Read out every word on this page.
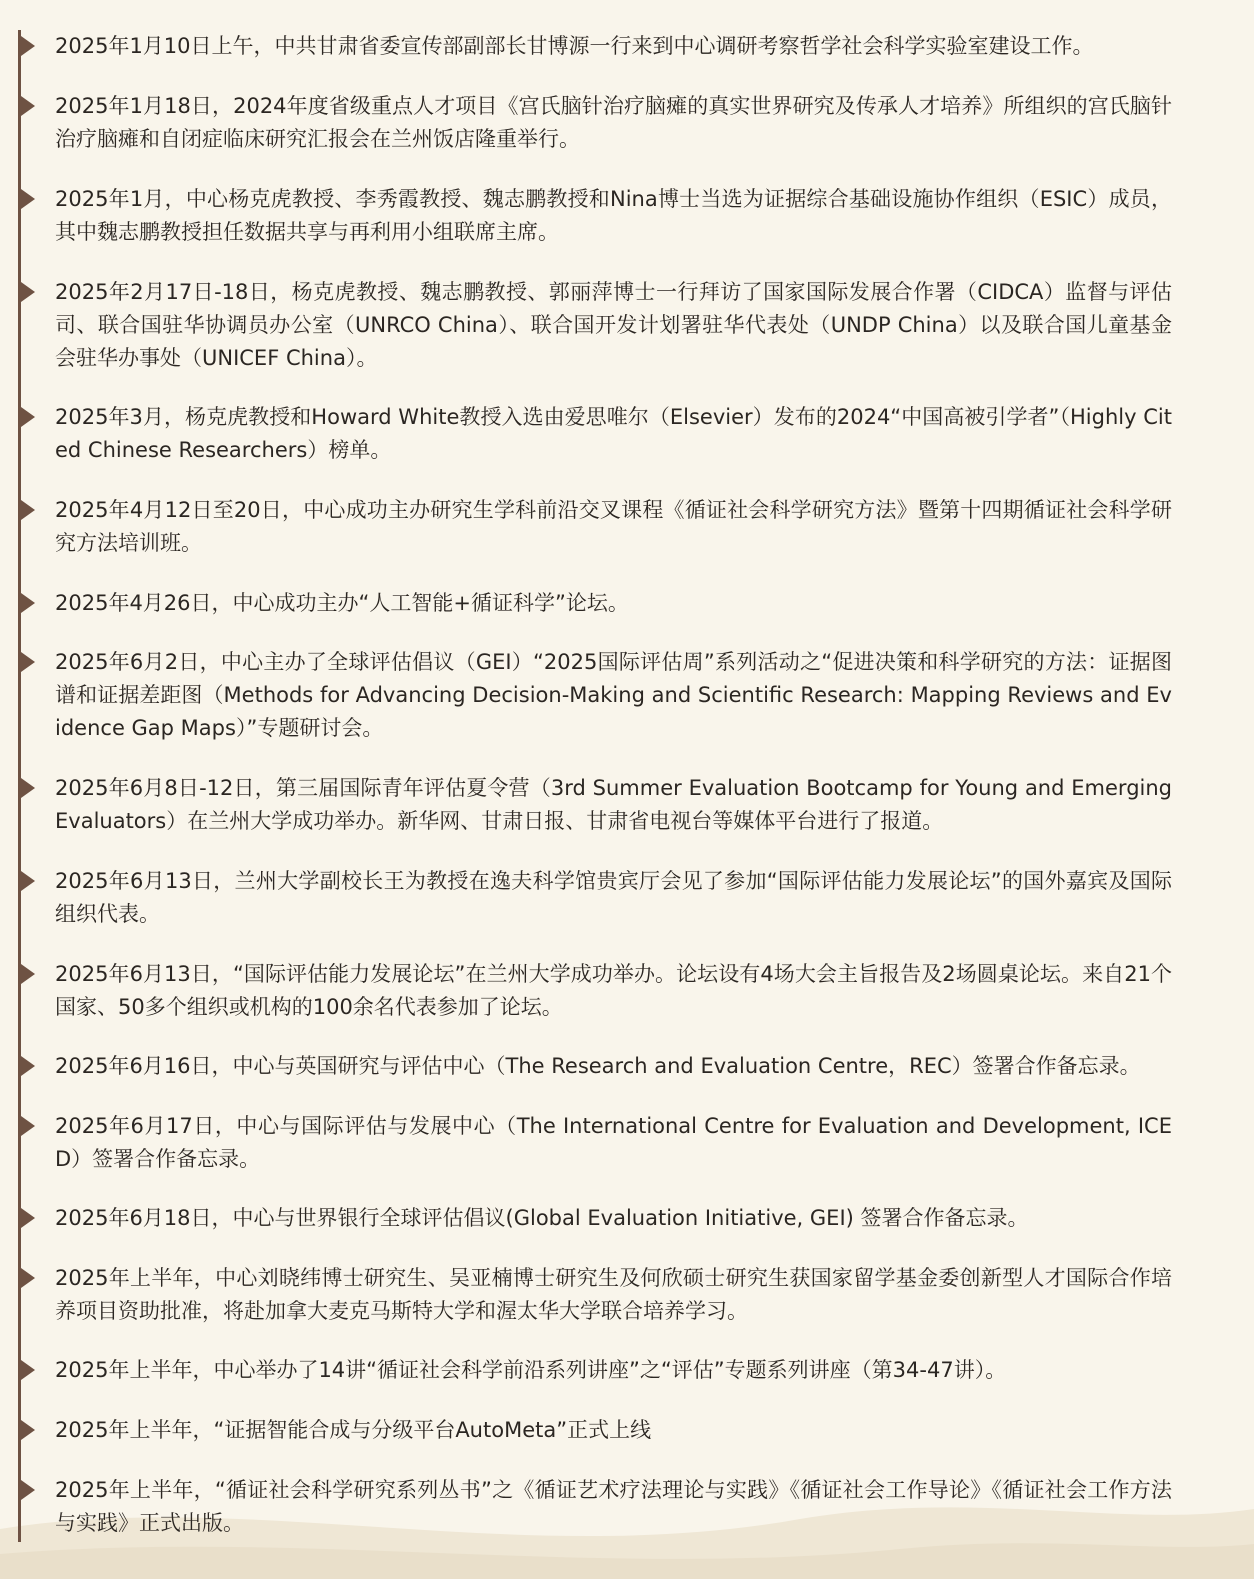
2025年1月10日上午，中共甘肃省委宣传部副部长甘博源一行来到中心调研考察哲学社会科学实验室建设工作。

2025年1月18日，2024年度省级重点人才项目《宫氏脑针治疗脑瘫的真实世界研究及传承人才培养》所组织的宫氏脑针治疗脑瘫和自闭症临床研究汇报会在兰州饭店隆重举行。

2025年1月，中心杨克虎教授、李秀霞教授、魏志鹏教授和Nina博士当选为证据综合基础设施协作组织（ESIC）成员，其中魏志鹏教授担任数据共享与再利用小组联席主席。

2025年2月17日-18日，杨克虎教授、魏志鹏教授、郭丽萍博士一行拜访了国家国际发展合作署（CIDCA）监督与评估司、联合国驻华协调员办公室（UNRCO China）、联合国开发计划署驻华代表处（UNDP China）以及联合国儿童基金会驻华办事处（UNICEF China）。

2025年3月，杨克虎教授和Howard White教授入选由爱思唯尔（Elsevier）发布的2024“中国高被引学者”（Highly Cited Chinese Researchers）榜单。

2025年4月12日至20日，中心成功主办研究生学科前沿交叉课程《循证社会科学研究方法》暨第十四期循证社会科学研究方法培训班。

2025年4月26日，中心成功主办“人工智能+循证科学”论坛。

2025年6月2日，中心主办了全球评估倡议（GEI）“2025国际评估周”系列活动之“促进决策和科学研究的方法：证据图谱和证据差距图（Methods for Advancing Decision-Making and Scientific Research: Mapping Reviews and Evidence Gap Maps）”专题研讨会。

2025年6月8日-12日，第三届国际青年评估夏令营（3rd Summer Evaluation Bootcamp for Young and Emerging Evaluators）在兰州大学成功举办。新华网、甘肃日报、甘肃省电视台等媒体平台进行了报道。

2025年6月13日，兰州大学副校长王为教授在逸夫科学馆贵宾厅会见了参加“国际评估能力发展论坛”的国外嘉宾及国际组织代表。

2025年6月13日，“国际评估能力发展论坛”在兰州大学成功举办。论坛设有4场大会主旨报告及2场圆桌论坛。来自21个国家、50多个组织或机构的100余名代表参加了论坛。

2025年6月16日，中心与英国研究与评估中心（The Research and Evaluation Centre，REC）签署合作备忘录。

2025年6月17日，中心与国际评估与发展中心（The International Centre for Evaluation and Development, ICED）签署合作备忘录。

2025年6月18日，中心与世界银行全球评估倡议(Global Evaluation Initiative, GEI) 签署合作备忘录。

2025年上半年，中心刘晓纬博士研究生、吴亚楠博士研究生及何欣硕士研究生获国家留学基金委创新型人才国际合作培养项目资助批准，将赴加拿大麦克马斯特大学和渥太华大学联合培养学习。

2025年上半年，中心举办了14讲“循证社会科学前沿系列讲座”之“评估”专题系列讲座（第34-47讲）。

2025年上半年，“证据智能合成与分级平台AutoMeta”正式上线

2025年上半年，“循证社会科学研究系列丛书”之《循证艺术疗法理论与实践》《循证社会工作导论》《循证社会工作方法与实践》正式出版。
